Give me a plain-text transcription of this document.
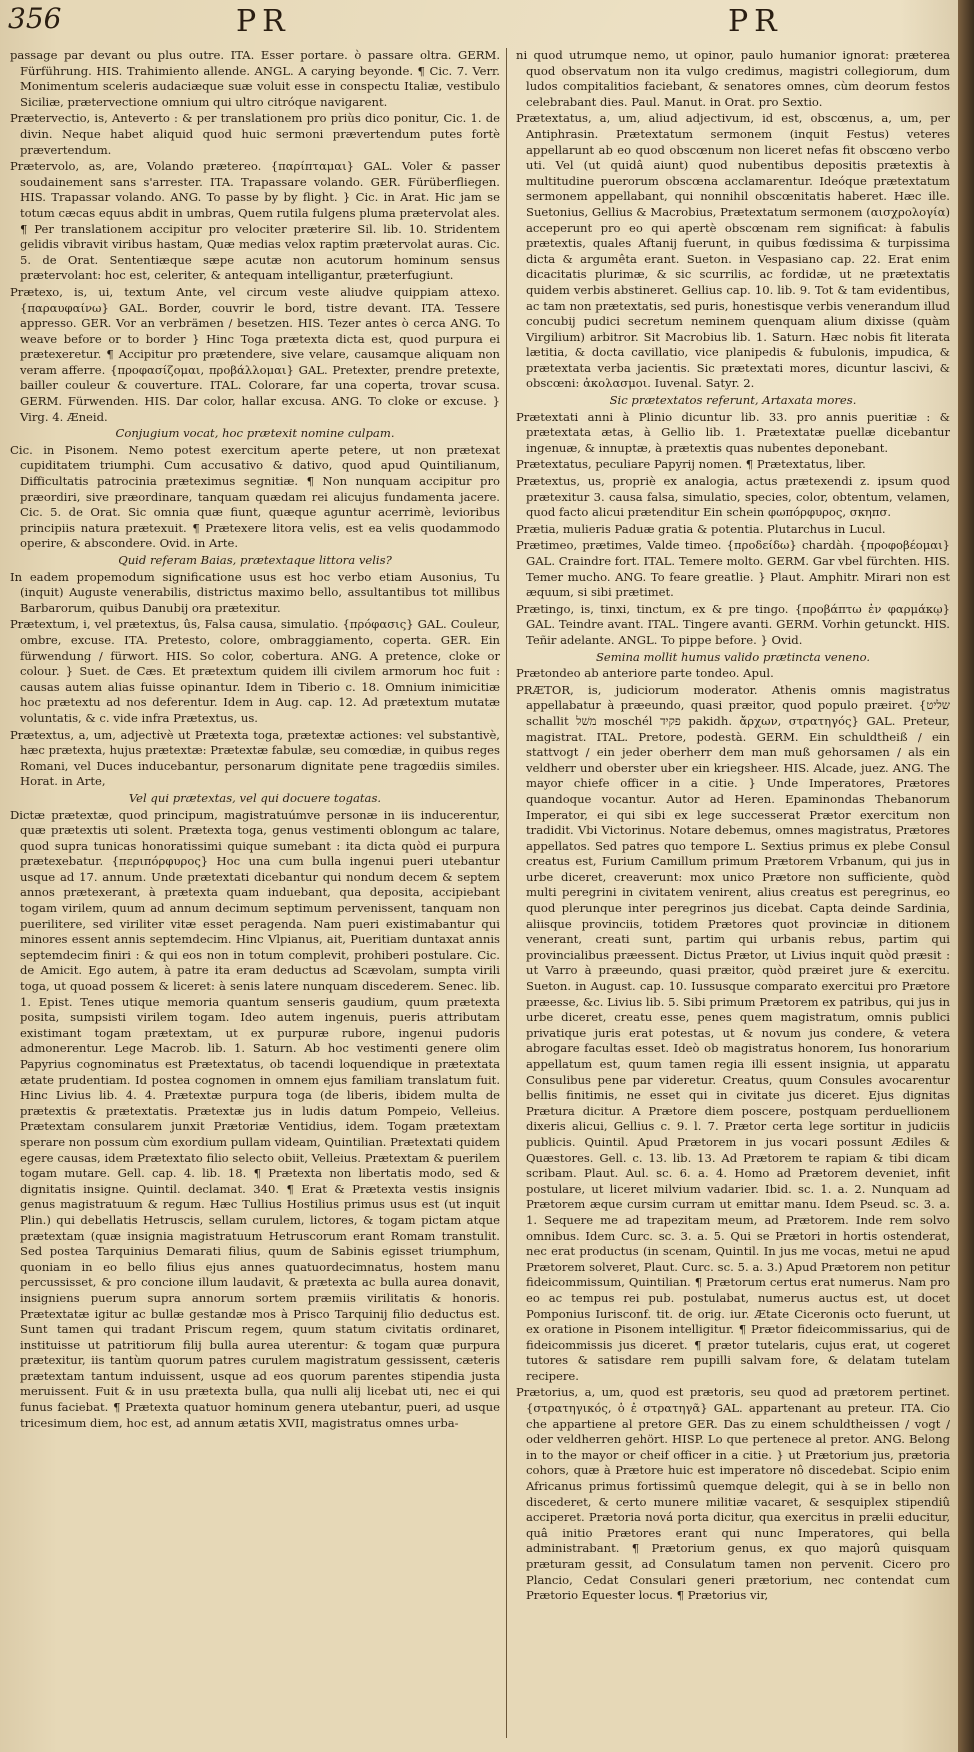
356	PR	PR

passage par devant ou plus outre. ITA. Esser portare. ò passare oltra. GERM. Fürführung. HIS. Trahimiento allende. ANGL. A carying beyonde. ¶ Cic. 7. Verr. Monimentum sceleris audaciæque suæ voluit esse in conspectu Italiæ, vestibulo Siciliæ, prætervectione omnium qui ultro citróque navigarent.

Prætervectio, is, Anteverto : & per translationem pro priùs dico ponitur, Cic. 1. de divin. Neque habet aliquid quod huic sermoni prævertendum putes fortè prævertendum.

Prætervolo, as, are, Volando prætereo. {παρίπταμαι} GAL. Voler & passer soudainement sans s'arrester. ITA. Trapassare volando. GER. Fürüberfliegen. HIS. Trapassar volando. ANG. To passe by by flight. } Cic. in Arat. Hic jam se totum cæcas equus abdit in umbras, Quem rutila fulgens pluma prætervolat ales. ¶ Per translationem accipitur pro velociter præterire Sil. lib. 10. Stridentem gelidis vibravit viribus hastam, Quæ medias velox raptim prætervolat auras. Cic. 5. de Orat. Sententiæque sæpe acutæ non acutorum hominum sensus prætervolant: hoc est, celeriter, & antequam intelligantur, præterfugiunt.

Prætexo, is, ui, textum Ante, vel circum veste aliudve quippiam attexo. {παραυφαίνω} GAL. Border, couvrir le bord, tistre devant. ITA. Tessere appresso. GER. Vor an verbrämen / besetzen. HIS. Tezer antes ò cerca ANG. To weave before or to border } Hinc Toga prætexta dicta est, quod purpura ei prætexeretur. ¶ Accipitur pro prætendere, sive velare, causamque aliquam non veram afferre. {προφασίζομαι, προβάλλομαι} GAL. Pretexter, prendre pretexte, bailler couleur & couverture. ITAL. Colorare, far una coperta, trovar scusa. GERM. Fürwenden. HIS. Dar color, hallar excusa. ANG. To cloke or excuse. } Virg. 4. Æneid.

Conjugium vocat, hoc prætexit nomine culpam.

Cic. in Pisonem. Nemo potest exercitum aperte petere, ut non prætexat cupiditatem triumphi. Cum accusativo & dativo, quod apud Quintilianum, Difficultatis patrocinia præteximus segnitiæ. ¶ Non nunquam accipitur pro præordiri, sive præordinare, tanquam quædam rei alicujus fundamenta jacere. Cic. 5. de Orat. Sic omnia quæ fiunt, quæque aguntur acerrimè, levioribus principiis natura prætexuit. ¶ Prætexere litora velis, est ea velis quodammodo operire, & abscondere. Ovid. in Arte.

Quid referam Baias, prætextaque littora velis?

In eadem propemodum significatione usus est hoc verbo etiam Ausonius, Tu (inquit) Auguste venerabilis, districtus maximo bello, assultantibus tot millibus Barbarorum, quibus Danubij ora prætexitur.

Prætextum, i, vel prætextus, ûs, Falsa causa, simulatio. {πρόφασις} GAL. Couleur, ombre, excuse. ITA. Pretesto, colore, ombraggiamento, coperta. GER. Ein fürwendung / fürwort. HIS. So color, cobertura. ANG. A pretence, cloke or colour. } Suet. de Cæs. Et prætextum quidem illi civilem armorum hoc fuit : causas autem alias fuisse opinantur. Idem in Tiberio c. 18. Omnium inimicitiæ hoc prætextu ad nos deferentur. Idem in Aug. cap. 12. Ad prætextum mutatæ voluntatis, & c. vide infra Prætextus, us.

Prætextus, a, um, adjectivè ut Prætexta toga, prætextæ actiones: vel substantivè, hæc prætexta, hujus prætextæ: Prætextæ fabulæ, seu comœdiæ, in quibus reges Romani, vel Duces inducebantur, personarum dignitate pene tragœdiis similes. Horat. in Arte,

Vel qui prætextas, vel qui docuere togatas.

Dictæ prætextæ, quod principum, magistratuúmve personæ in iis inducerentur, quæ prætextis uti solent. Prætexta toga, genus vestimenti oblongum ac talare, quod supra tunicas honoratissimi quique sumebant : ita dicta quòd ei purpura prætexebatur. {περιπόρφυρος} Hoc una cum bulla ingenui pueri utebantur usque ad 17. annum. Unde prætextati dicebantur qui nondum decem & septem annos prætexerant, à prætexta quam induebant, qua deposita, accipiebant togam virilem, quum ad annum decimum septimum pervenissent, tanquam non puerilitere, sed viriliter vitæ esset peragenda. Nam pueri existimabantur qui minores essent annis septemdecim. Hinc Vlpianus, ait, Pueritiam duntaxat annis septemdecim finiri : & qui eos non in totum complevit, prohiberi postulare. Cic. de Amicit. Ego autem, à patre ita eram deductus ad Scævolam, sumpta virili toga, ut quoad possem & liceret: à senis latere nunquam discederem. Senec. lib. 1. Epist. Tenes utique memoria quantum senseris gaudium, quum prætexta posita, sumpsisti virilem togam. Ideo autem ingenuis, pueris attributam existimant togam prætextam, ut ex purpuræ rubore, ingenui pudoris admonerentur. Lege Macrob. lib. 1. Saturn. Ab hoc vestimenti genere olim Papyrius cognominatus est Prætextatus, ob tacendi loquendique in prætextata ætate prudentiam. Id postea cognomen in omnem ejus familiam translatum fuit. Hinc Livius lib. 4. 4. Prætextæ purpura toga (de liberis, ibidem multa de prætextis & prætextatis. Prætextæ jus in ludis datum Pompeio, Velleius. Prætextam consularem junxit Prætoriæ Ventidius, idem. Togam prætextam sperare non possum cùm exordium pullam videam, Quintilian. Prætextati quidem egere causas, idem Prætextato filio selecto obiit, Velleius. Prætextam & puerilem togam mutare. Gell. cap. 4. lib. 18. ¶ Prætexta non libertatis modo, sed & dignitatis insigne. Quintil. declamat. 340. ¶ Erat & Prætexta vestis insignis genus magistratuum & regum. Hæc Tullius Hostilius primus usus est (ut inquit Plin.) qui debellatis Hetruscis, sellam curulem, lictores, & togam pictam atque prætextam (quæ insignia magistratuum Hetruscorum erant Romam transtulit. Sed postea Tarquinius Demarati filius, quum de Sabinis egisset triumphum, quoniam in eo bello filius ejus annes quatuordecimnatus, hostem manu percussisset, & pro concione illum laudavit, & prætexta ac bulla aurea donavit, insigniens puerum supra annorum sortem præmiis virilitatis & honoris. Prætextatæ igitur ac bullæ gestandæ mos à Prisco Tarquinij filio deductus est. Sunt tamen qui tradant Priscum regem, quum statum civitatis ordinaret, instituisse ut patritiorum filij bulla aurea uterentur: & togam quæ purpura prætexitur, iis tantùm quorum patres curulem magistratum gessissent, cæteris prætextam tantum induissent, usque ad eos quorum parentes stipendia justa meruissent. Fuit & in usu prætexta bulla, qua nulli alij licebat uti, nec ei qui funus faciebat. ¶ Prætexta quatuor hominum genera utebantur, pueri, ad usque tricesimum diem, hoc est, ad annum ætatis XVII, magistratus omnes urba-

ni quod utrumque nemo, ut opinor, paulo humanior ignorat: præterea quod observatum non ita vulgo credimus, magistri collegiorum, dum ludos compitalitios faciebant, & senatores omnes, cùm deorum festos celebrabant dies. Paul. Manut. in Orat. pro Sextio.

Prætextatus, a, um, aliud adjectivum, id est, obscœnus, a, um, per Antiphrasin. Prætextatum sermonem (inquit Festus) veteres appellarunt ab eo quod obscœnum non liceret nefas fit obscœno verbo uti. Vel (ut quidâ aiunt) quod nubentibus depositis prætextis à multitudine puerorum obscœna acclamarentur. Ideóque prætextatum sermonem appellabant, qui nonnihil obscœnitatis haberet. Hæc ille. Suetonius, Gellius & Macrobius, Prætextatum sermonem (αισχρολογία) acceperunt pro eo qui apertè obscœnam rem significat: à fabulis prætextis, quales Aftanij fuerunt, in quibus fœdissima & turpissima dicta & argumêta erant. Sueton. in Vespasiano cap. 22. Erat enim dicacitatis plurimæ, & sic scurrilis, ac fordidæ, ut ne prætextatis quidem verbis abstineret. Gellius cap. 10. lib. 9. Tot & tam evidentibus, ac tam non prætextatis, sed puris, honestisque verbis venerandum illud concubij pudici secretum neminem quenquam alium dixisse (quàm Virgilium) arbitror. Sit Macrobius lib. 1. Saturn. Hæc nobis fit literata lætitia, & docta cavillatio, vice planipedis & fubulonis, impudica, & prætextata verba jacientis. Sic prætextati mores, dicuntur lascivi, & obscœni: ἀκολασμοι. Iuvenal. Satyr. 2.

Sic prætextatos referunt, Artaxata mores.

Prætextati anni à Plinio dicuntur lib. 33. pro annis pueritiæ : & prætextata ætas, à Gellio lib. 1. Prætextatæ puellæ dicebantur ingenuæ, & innuptæ, à prætextis quas nubentes deponebant.

Prætextatus, peculiare Papyrij nomen. ¶ Prætextatus, liber.

Prætextus, us, propriè ex analogia, actus prætexendi z. ipsum quod prætexitur 3. causa falsa, simulatio, species, color, obtentum, velamen, quod facto alicui prætenditur Ein schein φωπόρφυρος, σκηπσ.

Prætia, mulieris Paduæ gratia & potentia. Plutarchus in Lucul.

Prætimeo, prætimes, Valde timeo. {προδείδω} chardàh. {προφοβέομαι} GAL. Craindre fort. ITAL. Temere molto. GERM. Gar vbel fürchten. HIS. Temer mucho. ANG. To feare greatlie. } Plaut. Amphitr. Mirari non est æquum, si sibi prætimet.

Prætingo, is, tinxi, tinctum, ex & pre tingo. {προβάπτω ἐν φαρμάκῳ} GAL. Teindre avant. ITAL. Tingere avanti. GERM. Vorhin getunckt. HIS. Teñir adelante. ANGL. To pippe before. } Ovid.

Semina mollit humus valido prætincta veneno.

Prætondeo ab anteriore parte tondeo. Apul.

PRÆTOR, is, judiciorum moderator. Athenis omnis magistratus appellabatur à præeundo, quasi præitor, quod populo præiret. {שליט schallit משׁל moschél פקיד pakidh. ἄρχων, στρατηγός} GAL. Preteur, magistrat. ITAL. Pretore, podestà. GERM. Ein schuldtheiß / ein stattvogt / ein jeder oberherr dem man muß gehorsamen / als ein veldherr und oberster uber ein kriegsheer. HIS. Alcade, juez. ANG. The mayor chiefe officer in a citie. } Unde Imperatores, Prætores quandoque vocantur. Autor ad Heren. Epaminondas Thebanorum Imperator, ei qui sibi ex lege successerat Prætor exercitum non tradidit. Vbi Victorinus. Notare debemus, omnes magistratus, Prætores appellatos. Sed patres quo tempore L. Sextius primus ex plebe Consul creatus est, Furium Camillum primum Prætorem Vrbanum, qui jus in urbe diceret, creaverunt: mox unico Prætore non sufficiente, quòd multi peregrini in civitatem venirent, alius creatus est peregrinus, eo quod plerunque inter peregrinos jus dicebat. Capta deinde Sardinia, aliisque provinciis, totidem Prætores quot provinciæ in ditionem venerant, creati sunt, partim qui urbanis rebus, partim qui provincialibus præessent. Dictus Prætor, ut Livius inquit quòd præsit : ut Varro à præeundo, quasi præitor, quòd præiret jure & exercitu. Sueton. in August. cap. 10. Iussusque comparato exercitui pro Prætore præesse, &c. Livius lib. 5. Sibi primum Prætorem ex patribus, qui jus in urbe diceret, creatu esse, penes quem magistratum, omnis publici privatique juris erat potestas, ut & novum jus condere, & vetera abrogare facultas esset. Ideò ob magistratus honorem, Ius honorarium appellatum est, quum tamen regia illi essent insignia, ut apparatu Consulibus pene par videretur. Creatus, quum Consules avocarentur bellis finitimis, ne esset qui in civitate jus diceret. Ejus dignitas Prætura dicitur. A Prætore diem poscere, postquam perduellionem dixeris alicui, Gellius c. 9. l. 7. Prætor certa lege sortitur in judiciis publicis. Quintil. Apud Prætorem in jus vocari possunt Ædiles & Quæstores. Gell. c. 13. lib. 13. Ad Prætorem te rapiam & tibi dicam scribam. Plaut. Aul. sc. 6. a. 4. Homo ad Prætorem deveniet, infit postulare, ut liceret milvium vadarier. Ibid. sc. 1. a. 2. Nunquam ad Prætorem æque cursim curram ut emittar manu. Idem Pseud. sc. 3. a. 1. Sequere me ad trapezitam meum, ad Prætorem. Inde rem solvo omnibus. Idem Curc. sc. 3. a. 5. Qui se Prætori in hortis ostenderat, nec erat productus (in scenam, Quintil. In jus me vocas, metui ne apud Prætorem solveret, Plaut. Curc. sc. 5. a. 3.) Apud Prætorem non petitur fideicommissum, Quintilian. ¶ Prætorum certus erat numerus. Nam pro eo ac tempus rei pub. postulabat, numerus auctus est, ut docet Pomponius Iurisconf. tit. de orig. iur. Ætate Ciceronis octo fuerunt, ut ex oratione in Pisonem intelligitur. ¶ Prætor fideicommissarius, qui de fideicommissis jus diceret. ¶ prætor tutelaris, cujus erat, ut cogeret tutores & satisdare rem pupilli salvam fore, & delatam tutelam recipere.

Prætorius, a, um, quod est prætoris, seu quod ad prætorem pertinet. {στρατηγικός, ὁ ἐ στρατηγᾶ} GAL. appartenant au preteur. ITA. Cio che appartiene al pretore GER. Das zu einem schuldtheissen / vogt / oder veldherren gehört. HISP. Lo que pertenece al pretor. ANG. Belong in to the mayor or cheif officer in a citie. } ut Prætorium jus, prætoria cohors, quæ à Prætore huic est imperatore nô discedebat. Scipio enim Africanus primus fortissimû quemque delegit, qui à se in bello non discederet, & certo munere militiæ vacaret, & sesquiplex stipendiû acciperet. Prætoria nová porta dicitur, qua exercitus in prælii educitur, quâ initio Prætores erant qui nunc Imperatores, qui bella administrabant. ¶ Prætorium genus, ex quo majorû quisquam præturam gessit, ad Consulatum tamen non pervenit. Cicero pro Plancio, Cedat Consulari generi prætorium, nec contendat cum Prætorio Equester locus. ¶ Prætorius vir,
